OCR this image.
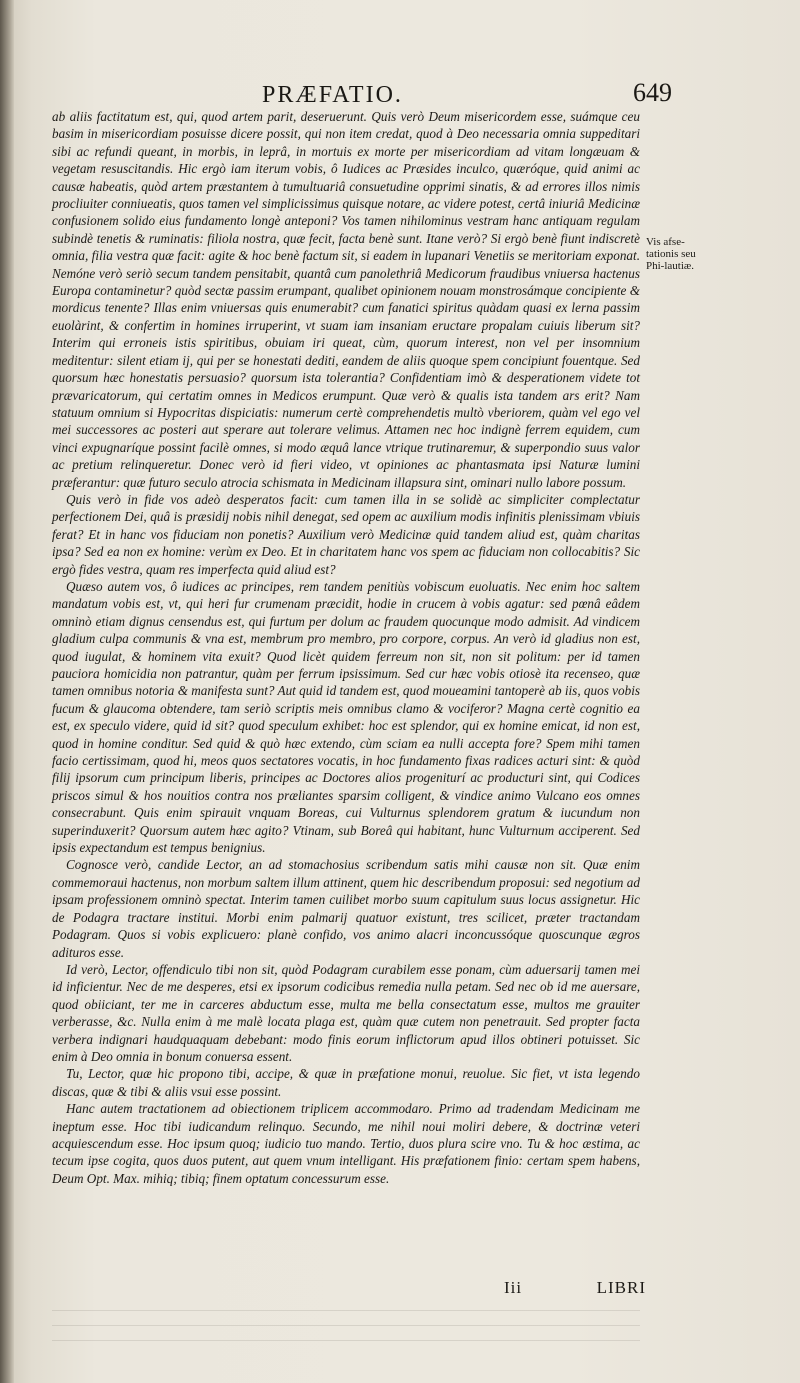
PRÆFATIO.	649

ab aliis factitatum est, qui, quod artem parit, deseruerunt. Quis verò Deum misericordem esse, suámque ceu basim in misericordiam posuisse dicere possit, qui non item credat, quod à Deo necessaria omnia suppeditari sibi ac refundi queant, in morbis, in leprâ, in mortuis ex morte per misericordiam ad vitam longæuam & vegetam resuscitandis. Hic ergò iam iterum vobis, ô Iudices ac Præsides inculco, quæróque, quid animi ac causæ habeatis, quòd artem præstantem à tumultuariâ consuetudine opprimi sinatis, & ad errores illos nimis procliuiter conniueatis, quos tamen vel simplicissimus quisque notare, ac videre potest, certâ iniuriâ Medicinæ confusionem solido eius fundamento longè anteponi? Vos tamen nihilominus vestram hanc antiquam regulam subindè tenetis & ruminatis: filiola nostra, quæ fecit, facta benè sunt. Itane verò? Si ergò benè fiunt indiscretè omnia, filia vestra quæ facit: agite & hoc benè factum sit, si eadem in lupanari Venetiis se meritoriam exponat. Nemóne verò seriò secum tandem pensitabit, quantâ cum panolethriâ Medicorum fraudibus vniuersa hactenus Europa contaminetur? quòd sectæ passim erumpant, qualibet opinionem nouam monstrosámque concipiente & mordicus tenente? Illas enim vniuersas quis enumerabit? cum fanatici spiritus quàdam quasi ex lerna passim euolàrint, & confertim in homines irruperint, vt suam iam insaniam eructare propalam cuiuis liberum sit? Interim qui erroneis istis spiritibus, obuiam iri queat, cùm, quorum interest, non vel per insomnium meditentur: silent etiam ij, qui per se honestati dediti, eandem de aliis quoque spem concipiunt fouentque. Sed quorsum hæc honestatis persuasio? quorsum ista tolerantia? Confidentiam imò & desperationem videte tot prævaricatorum, qui certatim omnes in Medicos erumpunt. Quæ verò & qualis ista tandem ars erit? Nam statuum omnium si Hypocritas dispiciatis: numerum certè comprehendetis multò vberiorem, quàm vel ego vel mei successores ac posteri aut sperare aut tolerare velimus. Attamen nec hoc indignè ferrem equidem, cum vinci expugnaríque possint facilè omnes, si modo æquâ lance vtrique trutinaremur, & superpondio suus valor ac pretium relinqueretur. Donec verò id fieri video, vt opiniones ac phantasmata ipsi Naturæ lumini præferantur: quæ futuro seculo atrocia schismata in Medicinam illapsura sint, ominari nullo labore possum.

Quis verò in fide vos adeò desperatos facit: cum tamen illa in se solidè ac simpliciter complectatur perfectionem Dei, quâ is præsidij nobis nihil denegat, sed opem ac auxilium modis infinitis plenissimam vbiuis ferat? Et in hanc vos fiduciam non ponetis? Auxilium verò Medicinæ quid tandem aliud est, quàm charitas ipsa? Sed ea non ex homine: verùm ex Deo. Et in charitatem hanc vos spem ac fiduciam non collocabitis? Sic ergò fides vestra, quam res imperfecta quid aliud est?

Quæso autem vos, ô iudices ac principes, rem tandem penitiùs vobiscum euoluatis. Nec enim hoc saltem mandatum vobis est, vt, qui heri fur crumenam præcidit, hodie in crucem à vobis agatur: sed pœnâ eâdem omninò etiam dignus censendus est, qui furtum per dolum ac fraudem quocunque modo admisit. Ad vindicem gladium culpa communis & vna est, membrum pro membro, pro corpore, corpus. An verò id gladius non est, quod iugulat, & hominem vita exuit? Quod licèt quidem ferreum non sit, non sit politum: per id tamen pauciora homicidia non patrantur, quàm per ferrum ipsissimum. Sed cur hæc vobis otiosè ita recenseo, quæ tamen omnibus notoria & manifesta sunt? Aut quid id tandem est, quod moueamini tantoperè ab iis, quos vobis fucum & glaucoma obtendere, tam seriò scriptis meis omnibus clamo & vociferor? Magna certè cognitio ea est, ex speculo videre, quid id sit? quod speculum exhibet: hoc est splendor, qui ex homine emicat, id non est, quod in homine conditur. Sed quid & quò hæc extendo, cùm sciam ea nulli accepta fore? Spem mihi tamen facio certissimam, quod hi, meos quos sectatores vocatis, in hoc fundamento fixas radices acturi sint: & quòd filij ipsorum cum principum liberis, principes ac Doctores alios progeniturí ac producturi sint, qui Codices priscos simul & hos nouitios contra nos præliantes sparsim colligent, & vindice animo Vulcano eos omnes consecrabunt. Quis enim spirauit vnquam Boreas, cui Vulturnus splendorem gratum & iucundum non superinduxerit? Quorsum autem hæc agito? Vtinam, sub Boreâ qui habitant, hunc Vulturnum acciperent. Sed ipsis expectandum est tempus benignius.

Cognosce verò, candide Lector, an ad stomachosius scribendum satis mihi causæ non sit. Quæ enim commemoraui hactenus, non morbum saltem illum attinent, quem hic describendum proposui: sed negotium ad ipsam professionem omninò spectat. Interim tamen cuilibet morbo suum capitulum suus locus assignetur. Hic de Podagra tractare institui. Morbi enim palmarij quatuor existunt, tres scilicet, præter tractandam Podagram. Quos si vobis explicuero: planè confido, vos animo alacri inconcussóque quoscunque ægros adituros esse.

Id verò, Lector, offendiculo tibi non sit, quòd Podagram curabilem esse ponam, cùm aduersarij tamen mei id inficientur. Nec de me desperes, etsi ex ipsorum codicibus remedia nulla petam. Sed nec ob id me auersare, quod obiiciant, ter me in carceres abductum esse, multa me bella consectatum esse, multos me grauiter verberasse, &c. Nulla enim à me malè locata plaga est, quàm quæ cutem non penetrauit. Sed propter facta verbera indignari haudquaquam debebant: modo finis eorum inflictorum apud illos obtineri potuisset. Sic enim à Deo omnia in bonum conuersa essent.

Tu, Lector, quæ hic propono tibi, accipe, & quæ in præfatione monui, reuolue. Sic fiet, vt ista legendo discas, quæ & tibi & aliis vsui esse possint.

Hanc autem tractationem ad obiectionem triplicem accommodaro. Primo ad tradendam Medicinam me ineptum esse. Hoc tibi iudicandum relinquo. Secundo, me nihil noui moliri debere, & doctrinæ veteri acquiescendum esse. Hoc ipsum quoq; iudicio tuo mando. Tertio, duos plura scire vno. Tu & hoc æstima, ac tecum ipse cogita, quos duos putent, aut quem vnum intelligant. His præfationem finio: certam spem habens, Deum Opt. Max. mihiq; tibiq; finem optatum concessurum esse.

Vis afse-tationis seu Phi-lautiæ.
Iii	LIBRI
